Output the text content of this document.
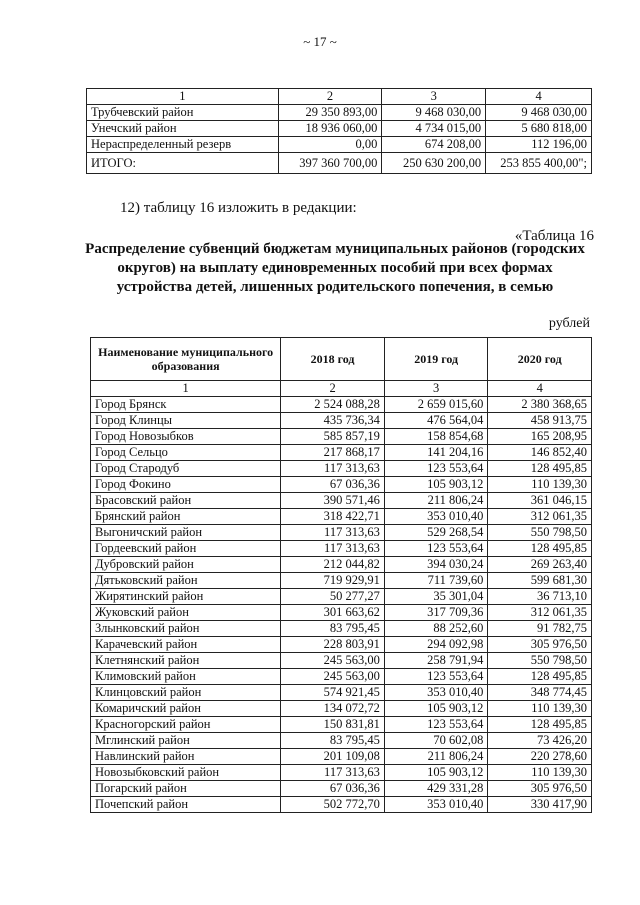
~ 17 ~
1	2	3	4
Трубчевский район	29 350 893,00	9 468 030,00	9 468 030,00
Унечский район	18 936 060,00	4 734 015,00	5 680 818,00
Нераспределенный резерв	0,00	674 208,00	112 196,00
ИТОГО:	397 360 700,00	250 630 200,00	253 855 400,00";
12) таблицу 16 изложить в редакции:
«Таблица 16
Распределение субвенций бюджетам муниципальных районов (городских округов) на выплату единовременных пособий при всех формах устройства детей, лишенных родительского попечения, в семью
рублей
Наименование муниципального образования	2018 год	2019 год	2020 год
1	2	3	4
Город Брянск	2 524 088,28	2 659 015,60	2 380 368,65
Город Клинцы	435 736,34	476 564,04	458 913,75
Город Новозыбков	585 857,19	158 854,68	165 208,95
Город Сельцо	217 868,17	141 204,16	146 852,40
Город Стародуб	117 313,63	123 553,64	128 495,85
Город Фокино	67 036,36	105 903,12	110 139,30
Брасовский район	390 571,46	211 806,24	361 046,15
Брянский район	318 422,71	353 010,40	312 061,35
Выгоничский район	117 313,63	529 268,54	550 798,50
Гордеевский район	117 313,63	123 553,64	128 495,85
Дубровский район	212 044,82	394 030,24	269 263,40
Дятьковский район	719 929,91	711 739,60	599 681,30
Жирятинский район	50 277,27	35 301,04	36 713,10
Жуковский район	301 663,62	317 709,36	312 061,35
Злынковский район	83 795,45	88 252,60	91 782,75
Карачевский район	228 803,91	294 092,98	305 976,50
Клетнянский район	245 563,00	258 791,94	550 798,50
Климовский район	245 563,00	123 553,64	128 495,85
Клинцовский район	574 921,45	353 010,40	348 774,45
Комаричский район	134 072,72	105 903,12	110 139,30
Красногорский район	150 831,81	123 553,64	128 495,85
Мглинский район	83 795,45	70 602,08	73 426,20
Навлинский район	201 109,08	211 806,24	220 278,60
Новозыбковский район	117 313,63	105 903,12	110 139,30
Погарский район	67 036,36	429 331,28	305 976,50
Почепский район	502 772,70	353 010,40	330 417,90
